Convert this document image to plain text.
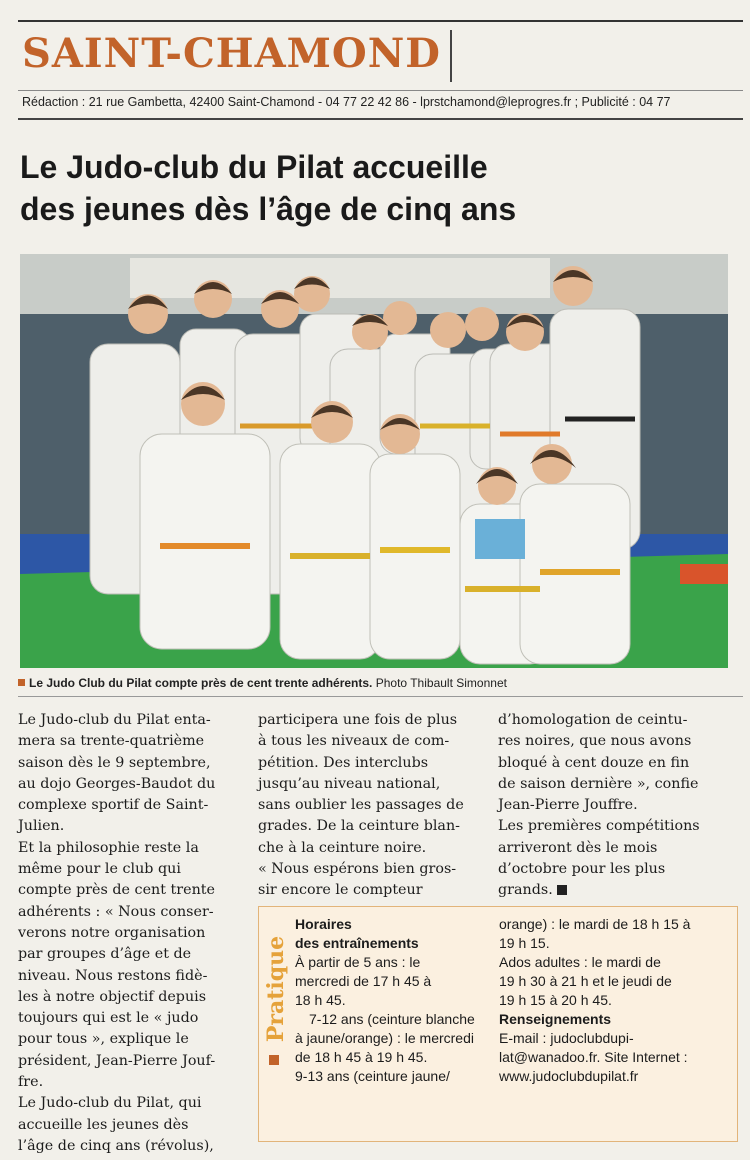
SAINT-CHAMOND
Rédaction : 21 rue Gambetta, 42400 Saint-Chamond - 04 77 22 42 86 - lprstchamond@leprogres.fr ; Publicité : 04 77
Le Judo-club du Pilat accueille
des jeunes dès l’âge de cinq ans
Le Judo Club du Pilat compte près de cent trente adhérents. Photo Thibault Simonnet
Le Judo-club du Pilat enta-
mera sa trente-quatrième
saison dès le 9 septembre,
au dojo Georges-Baudot du
complexe sportif de Saint-
Julien.
Et la philosophie reste la
même pour le club qui
compte près de cent trente
adhérents : « Nous conser-
verons notre organisation
par groupes d’âge et de
niveau. Nous restons fidè-
les à notre objectif depuis
toujours qui est le « judo
pour tous », explique le
président, Jean-Pierre Jouf-
fre.
Le Judo-club du Pilat, qui
accueille les jeunes dès
l’âge de cinq ans (révolus),
participera une fois de plus
à tous les niveaux de com-
pétition. Des interclubs
jusqu’au niveau national,
sans oublier les passages de
grades. De la ceinture blan-
che à la ceinture noire.
« Nous espérons bien gros-
sir encore le compteur
d’homologation de ceintu-
res noires, que nous avons
bloqué à cent douze en fin
de saison dernière », confie
Jean-Pierre Jouffre.
Les premières compétitions
arriveront dès le mois
d’octobre pour les plus
grands.
Pratique
Horaires
des entraînements
À partir de 5 ans : le
mercredi de 17 h 45 à
18 h 45.
7-12 ans (ceinture blanche
à jaune/orange) : le mercredi
de 18 h 45 à 19 h 45.
9-13 ans (ceinture jaune/
orange) : le mardi de 18 h 15 à
19 h 15.
Ados adultes : le mardi de
19 h 30 à 21 h et le jeudi de
19 h 15 à 20 h 45.
Renseignements
E-mail : judoclubdupi-
lat@wanadoo.fr. Site Internet :
www.judoclubdupilat.fr
